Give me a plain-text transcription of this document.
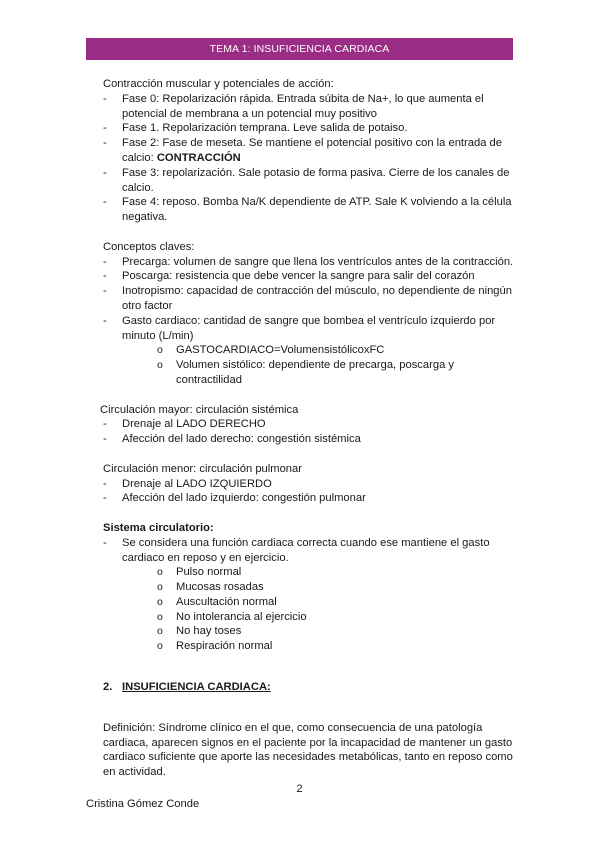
TEMA 1: INSUFICIENCIA CARDIACA

Contracción muscular y potenciales de acción:

- Fase 0: Repolarización rápida. Entrada súbita de Na+, lo que aumenta el potencial de membrana a un potencial muy positivo
- Fase 1. Repolarización temprana. Leve salida de potaiso.
- Fase 2: Fase de meseta. Se mantiene el potencial positivo con la entrada de calcio: CONTRACCIÓN
- Fase 3: repolarización. Sale potasio de forma pasiva. Cierre de los canales de calcio.
- Fase 4: reposo. Bomba Na/K dependiente de ATP. Sale K volviendo a la célula negativa.

Conceptos claves:

- Precarga: volumen de sangre que llena los ventrículos antes de la contracción.
- Poscarga: resistencia que debe vencer la sangre para salir del corazón
- Inotropismo: capacidad de contracción del músculo, no dependiente de ningún otro factor
- Gasto cardiaco: cantidad de sangre que bombea el ventrículo izquierdo por minuto (L/min)
o GASTOCARDIACO=VolumensistólicoxFC
o Volumen sistólico: dependiente de precarga, poscarga y contractilidad

Circulación mayor: circulación sistémica

- Drenaje al LADO DERECHO
- Afección del lado derecho: congestión sistémica

Circulación menor: circulación pulmonar

- Drenaje al LADO IZQUIERDO
- Afección del lado izquierdo: congestión pulmonar

Sistema circulatorio:

- Se considera una función cardiaca correcta cuando ese mantiene el gasto cardiaco en reposo y en ejercicio.
o Pulso normal
o Mucosas rosadas
o Auscultación normal
o No intolerancia al ejercicio
o No hay toses
o Respiración normal

2. INSUFICIENCIA CARDIACA:

Definición: Síndrome clínico en el que, como consecuencia de una patología cardiaca, aparecen signos en el paciente por la incapacidad de mantener un gasto cardiaco suficiente que aporte las necesidades metabólicas, tanto en reposo como en actividad.

2
Cristina Gómez Conde
